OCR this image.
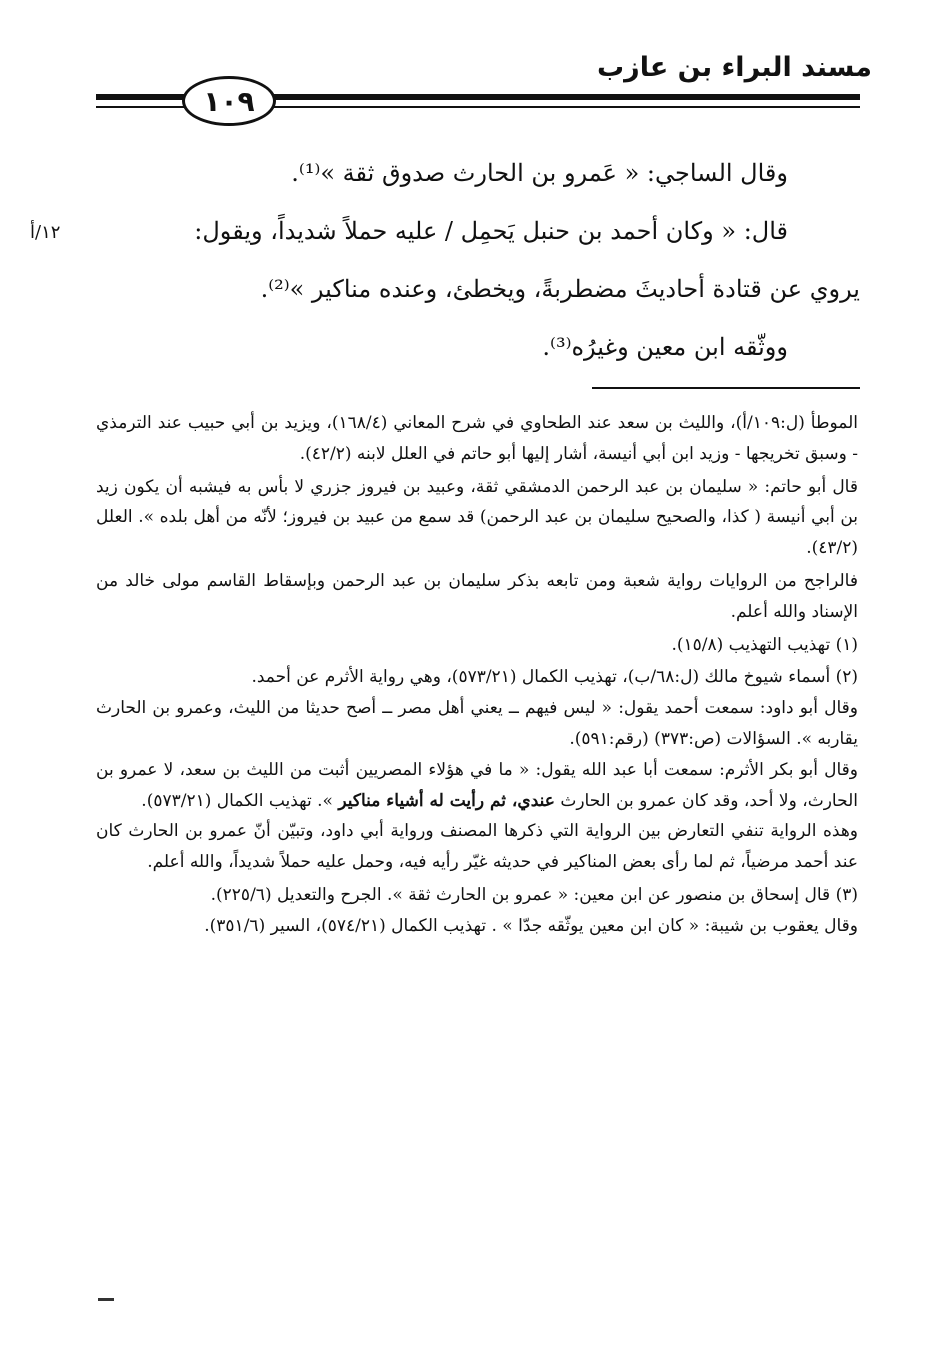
مسند البراء بن عازب
١٠٩
١٢/أ

وقال الساجي: « عَمرو بن الحارث صدوق ثقة »⁽¹⁾.

قال: « وكان أحمد بن حنبل يَحمِل / عليه حملاً شديداً، ويقول:

يروي عن قتادة أحاديثَ مضطربةً، ويخطئ، وعنده مناكير »⁽²⁾.

ووثّقه ابن معين وغيرُه⁽³⁾.

الموطأ (ل:١٠٩/أ)، والليث بن سعد عند الطحاوي في شرح المعاني (١٦٨/٤)، ويزيد بن أبي حبيب عند الترمذي - وسبق تخريجها - وزيد ابن أبي أنيسة، أشار إليها أبو حاتم في العلل لابنه (٤٢/٢).

قال أبو حاتم: « سليمان بن عبد الرحمن الدمشقي ثقة، وعبيد بن فيروز جزري لا بأس به فيشبه أن يكون زيد بن أبي أنيسة ( كذا، والصحيح سليمان بن عبد الرحمن) قد سمع من عبيد بن فيروز؛ لأنّه من أهل بلده ». العلل (٤٣/٢).

فالراجح من الروايات رواية شعبة ومن تابعه بذكر سليمان بن عبد الرحمن وبإسقاط القاسم مولى خالد من الإسناد والله أعلم.

(١) تهذيب التهذيب (١٥/٨).

(٢) أسماء شيوخ مالك (ل:٦٨/ب)، تهذيب الكمال (٥٧٣/٢١)، وهي رواية الأثرم عن أحمد.

وقال أبو داود: سمعت أحمد يقول: « ليس فيهم ــ يعني أهل مصر ــ أصح حديثا من الليث، وعمرو بن الحارث يقاربه ». السؤالات (ص:٣٧٣) (رقم:٥٩١).

وقال أبو بكر الأثرم: سمعت أبا عبد الله يقول: « ما في هؤلاء المصريين أثبت من الليث بن سعد، لا عمرو بن الحارث، ولا أحد، وقد كان عمرو بن الحارث عندي، ثم رأيت له أشياء مناكير ». تهذيب الكمال (٥٧٣/٢١).

وهذه الرواية تنفي التعارض بين الرواية التي ذكرها المصنف ورواية أبي داود، وتبيّن أنّ عمرو بن الحارث كان عند أحمد مرضياً، ثم لما رأى بعض المناكير في حديثه غيّر رأيه فيه، وحمل عليه حملاً شديداً، والله أعلم.

(٣) قال إسحاق بن منصور عن ابن معين: « عمرو بن الحارث ثقة ». الجرح والتعديل (٢٢٥/٦).

وقال يعقوب بن شيبة: « كان ابن معين يوثّقه جدّا » . تهذيب الكمال (٥٧٤/٢١)، السير (٣٥١/٦).
